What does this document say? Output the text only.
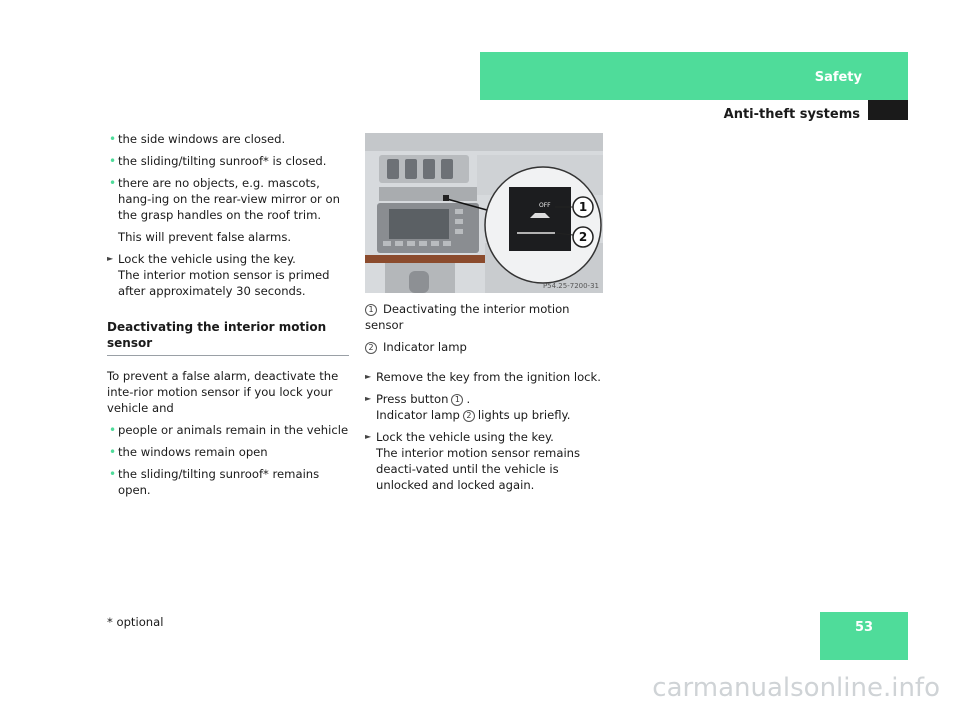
Safety
Anti-theft systems
• the side windows are closed.
• the sliding/tilting sunroof* is closed.
• there are no objects, e.g. mascots, hang-ing on the rear-view mirror or on the grasp handles on the roof trim.
This will prevent false alarms.
► Lock the vehicle using the key.
The interior motion sensor is primed after approximately 30 seconds.
Deactivating the interior motion sensor
To prevent a false alarm, deactivate the inte-rior motion sensor if you lock your vehicle and
• people or animals remain in the vehicle
• the windows remain open
• the sliding/tilting sunroof* remains open.
OFF 1
2
P54.25-7200-31
1 Deactivating the interior motion sensor
2 Indicator lamp
► Remove the key from the ignition lock.
► Press button 1 .
Indicator lamp 2 lights up briefly.
► Lock the vehicle using the key.
The interior motion sensor remains deacti-vated until the vehicle is unlocked and locked again.
53
* optional
carmanualsonline.info
